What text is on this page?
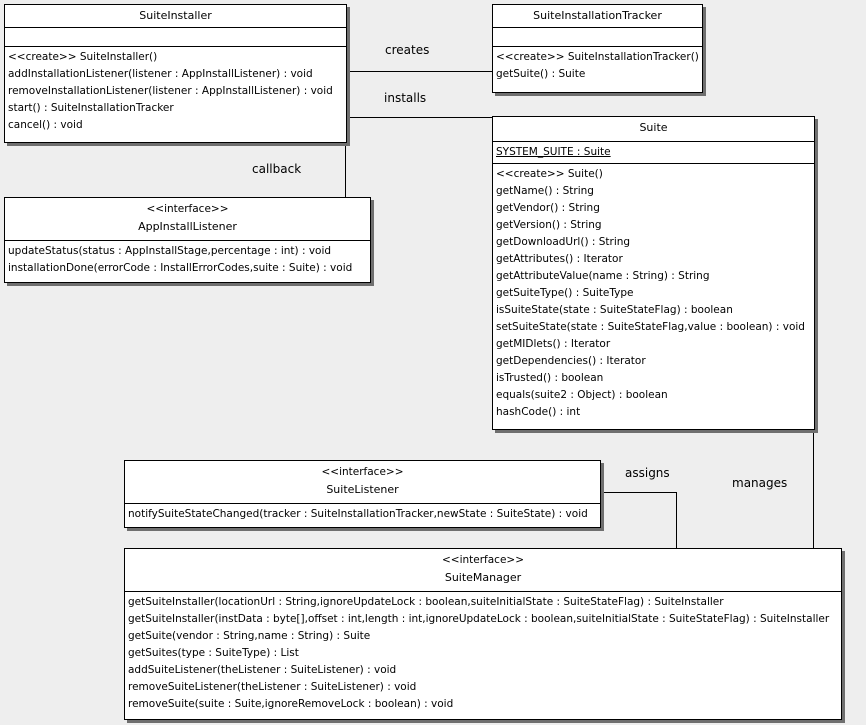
creates
installs
callback
assigns
manages
SuiteInstaller
<<create>> SuiteInstaller()
addInstallationListener(listener : AppInstallListener) : void
removeInstallationListener(listener : AppInstallListener) : void
start() : SuiteInstallationTracker
cancel() : void
SuiteInstallationTracker
<<create>> SuiteInstallationTracker()
getSuite() : Suite
<<interface>>
AppInstallListener
updateStatus(status : AppInstallStage,percentage : int) : void
installationDone(errorCode : InstallErrorCodes,suite : Suite) : void
Suite
SYSTEM_SUITE : Suite
<<create>> Suite()
getName() : String
getVendor() : String
getVersion() : String
getDownloadUrl() : String
getAttributes() : Iterator
getAttributeValue(name : String) : String
getSuiteType() : SuiteType
isSuiteState(state : SuiteStateFlag) : boolean
setSuiteState(state : SuiteStateFlag,value : boolean) : void
getMIDlets() : Iterator
getDependencies() : Iterator
isTrusted() : boolean
equals(suite2 : Object) : boolean
hashCode() : int
<<interface>>
SuiteListener
notifySuiteStateChanged(tracker : SuiteInstallationTracker,newState : SuiteState) : void
<<interface>>
SuiteManager
getSuiteInstaller(locationUrl : String,ignoreUpdateLock : boolean,suiteInitialState : SuiteStateFlag) : SuiteInstaller
getSuiteInstaller(instData : byte[],offset : int,length : int,ignoreUpdateLock : boolean,suiteInitialState : SuiteStateFlag) : SuiteInstaller
getSuite(vendor : String,name : String) : Suite
getSuites(type : SuiteType) : List
addSuiteListener(theListener : SuiteListener) : void
removeSuiteListener(theListener : SuiteListener) : void
removeSuite(suite : Suite,ignoreRemoveLock : boolean) : void
